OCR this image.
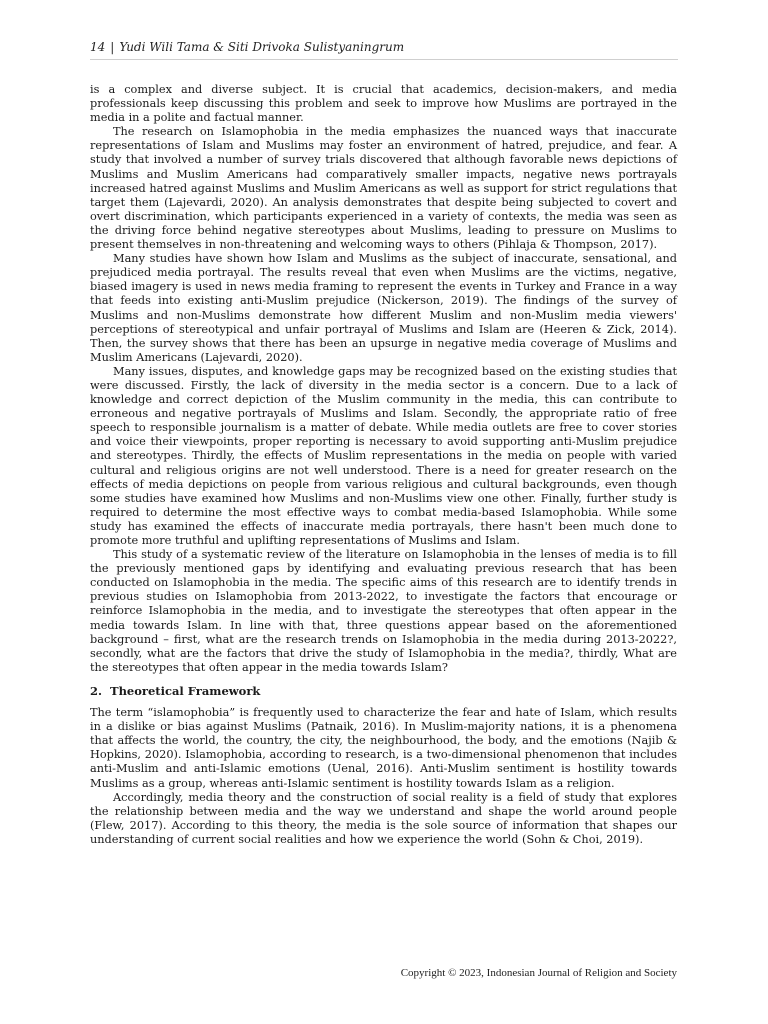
14 | Yudi Wili Tama & Siti Drivoka Sulistyaningrum

is a complex and diverse subject. It is crucial that academics, decision-makers, and media professionals keep discussing this problem and seek to improve how Muslims are portrayed in the media in a polite and factual manner.

The research on Islamophobia in the media emphasizes the nuanced ways that inaccurate representations of Islam and Muslims may foster an environment of hatred, prejudice, and fear. A study that involved a number of survey trials discovered that although favorable news depictions of Muslims and Muslim Americans had comparatively smaller impacts, negative news portrayals increased hatred against Muslims and Muslim Americans as well as support for strict regulations that target them (Lajevardi, 2020). An analysis demonstrates that despite being subjected to covert and overt discrimination, which participants experienced in a variety of contexts, the media was seen as the driving force behind negative stereotypes about Muslims, leading to pressure on Muslims to present themselves in non-threatening and welcoming ways to others (Pihlaja & Thompson, 2017).

Many studies have shown how Islam and Muslims as the subject of inaccurate, sensational, and prejudiced media portrayal. The results reveal that even when Muslims are the victims, negative, biased imagery is used in news media framing to represent the events in Turkey and France in a way that feeds into existing anti-Muslim prejudice (Nickerson, 2019). The findings of the survey of Muslims and non-Muslims demonstrate how different Muslim and non-Muslim media viewers' perceptions of stereotypical and unfair portrayal of Muslims and Islam are (Heeren & Zick, 2014). Then, the survey shows that there has been an upsurge in negative media coverage of Muslims and Muslim Americans (Lajevardi, 2020).

Many issues, disputes, and knowledge gaps may be recognized based on the existing studies that were discussed. Firstly, the lack of diversity in the media sector is a concern. Due to a lack of knowledge and correct depiction of the Muslim community in the media, this can contribute to erroneous and negative portrayals of Muslims and Islam. Secondly, the appropriate ratio of free speech to responsible journalism is a matter of debate. While media outlets are free to cover stories and voice their viewpoints, proper reporting is necessary to avoid supporting anti-Muslim prejudice and stereotypes. Thirdly, the effects of Muslim representations in the media on people with varied cultural and religious origins are not well understood. There is a need for greater research on the effects of media depictions on people from various religious and cultural backgrounds, even though some studies have examined how Muslims and non-Muslims view one other. Finally, further study is required to determine the most effective ways to combat media-based Islamophobia. While some study has examined the effects of inaccurate media portrayals, there hasn't been much done to promote more truthful and uplifting representations of Muslims and Islam.

This study of a systematic review of the literature on Islamophobia in the lenses of media is to fill the previously mentioned gaps by identifying and evaluating previous research that has been conducted on Islamophobia in the media. The specific aims of this research are to identify trends in previous studies on Islamophobia from 2013-2022, to investigate the factors that encourage or reinforce Islamophobia in the media, and to investigate the stereotypes that often appear in the media towards Islam. In line with that, three questions appear based on the aforementioned background – first, what are the research trends on Islamophobia in the media during 2013-2022?, secondly, what are the factors that drive the study of Islamophobia in the media?, thirdly, What are the stereotypes that often appear in the media towards Islam?

2. Theoretical Framework

The term “islamophobia” is frequently used to characterize the fear and hate of Islam, which results in a dislike or bias against Muslims (Patnaik, 2016). In Muslim-majority nations, it is a phenomena that affects the world, the country, the city, the neighbourhood, the body, and the emotions (Najib & Hopkins, 2020). Islamophobia, according to research, is a two-dimensional phenomenon that includes anti-Muslim and anti-Islamic emotions (Uenal, 2016). Anti-Muslim sentiment is hostility towards Muslims as a group, whereas anti-Islamic sentiment is hostility towards Islam as a religion.

Accordingly, media theory and the construction of social reality is a field of study that explores the relationship between media and the way we understand and shape the world around people (Flew, 2017). According to this theory, the media is the sole source of information that shapes our understanding of current social realities and how we experience the world (Sohn & Choi, 2019).

Copyright © 2023, Indonesian Journal of Religion and Society
